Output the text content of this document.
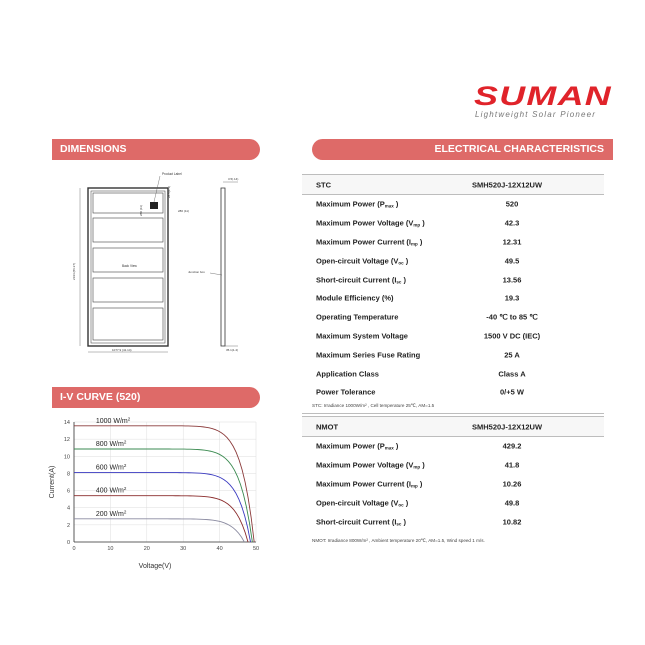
SUMAN
Lightweight Solar Pioneer
DIMENSIONS
I-V CURVE (520)
ELECTRICAL CHARACTERISTICS
Product Label
Back View
2194 (86.37)
1077.9 (41.14)
280 (11)
280 (11)
28.5(1.1)
3.5(.14)
35.1(1.4)
Junction box
0
2
4
6
8
10
12
14
0	10	20	30	40	50
Voltage(V)
Current(A)
1000 $W/m^2$
800 $W/m^2$
600 $W/m^2$
400 $W/m^2$
200 $W/m^2$
STC	SMH520J-12X12UW
Maximum Power ($P_{max}$ )	520
Maximum Power Voltage ($V_{mp}$ )	42.3
Maximum Power Current ($I_{mp}$ )	12.31
Open-circuit Voltage ($V_{oc}$ )	49.5
Short-circuit Current ($I_{sc}$ )	13.56
Module Efficiency (%)	19.3
Operating Temperature	-40 ℃ to 85 ℃
Maximum System Voltage	1500 V DC (IEC)
Maximum Series Fuse Rating	25 A
Application Class	Class A
Power Tolerance	0/+5 W
STC: Irradiance 1000W/m² , Cell temperature 25℃, AM=1.5
NMOT	SMH520J-12X12UW
Maximum Power ($P_{max}$ )	429.2
Maximum Power Voltage ($V_{mp}$ )	41.8
Maximum Power Current ($I_{mp}$ )	10.26
Open-circuit Voltage ($V_{oc}$ )	49.8
Short-circuit Current ($I_{sc}$ )	10.82
NMOT: Irradiance 800W/m² , Ambient temperature 20℃, AM=1.5, Wind speed 1 m/s.
